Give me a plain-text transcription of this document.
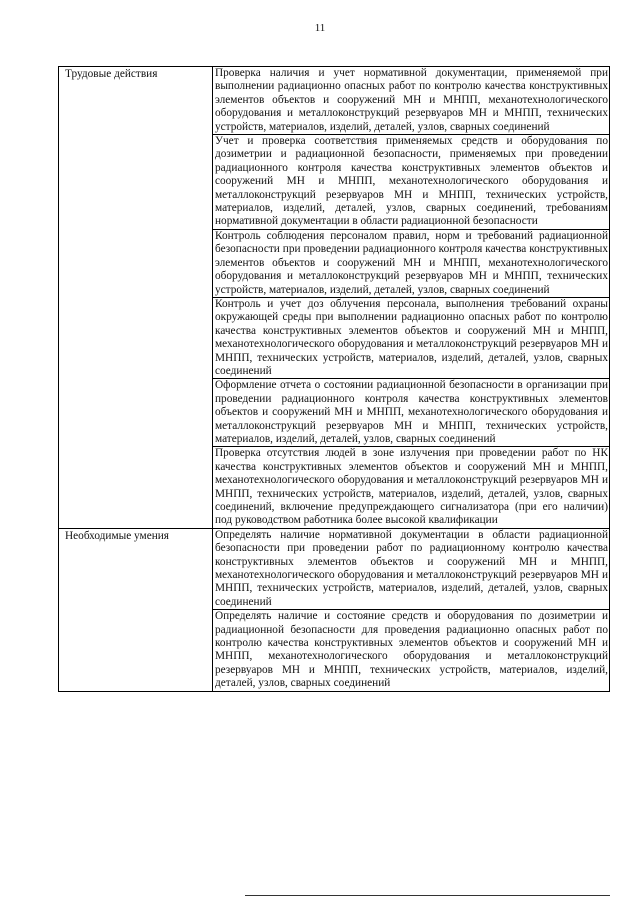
11
Трудовые действия	Проверка наличия и учет нормативной документации, применяемой при выполнении радиационно опасных работ по контролю качества конструктивных элементов объектов и сооружений МН и МНПП, механотехнологического оборудования и металлоконструкций резервуаров МН и МНПП, технических устройств, материалов, изделий, деталей, узлов, сварных соединений
	Учет и проверка соответствия применяемых средств и оборудования по дозиметрии и радиационной безопасности, применяемых при проведении радиационного контроля качества конструктивных элементов объектов и сооружений МН и МНПП, механотехнологического оборудования и металлоконструкций резервуаров МН и МНПП, технических устройств, материалов, изделий, деталей, узлов, сварных соединений, требованиям нормативной документации в области радиационной безопасности
	Контроль соблюдения персоналом правил, норм и требований радиационной безопасности при проведении радиационного контроля качества конструктивных элементов объектов и сооружений МН и МНПП, механотехнологического оборудования и металлоконструкций резервуаров МН и МНПП, технических устройств, материалов, изделий, деталей, узлов, сварных соединений
	Контроль и учет доз облучения персонала, выполнения требований охраны окружающей среды при выполнении радиационно опасных работ по контролю качества конструктивных элементов объектов и сооружений МН и МНПП, механотехнологического оборудования и металлоконструкций резервуаров МН и МНПП, технических устройств, материалов, изделий, деталей, узлов, сварных соединений
	Оформление отчета о состоянии радиационной безопасности в организации при проведении радиационного контроля качества конструктивных элементов объектов и сооружений МН и МНПП, механотехнологического оборудования и металлоконструкций резервуаров МН и МНПП, технических устройств, материалов, изделий, деталей, узлов, сварных соединений
	Проверка отсутствия людей в зоне излучения при проведении работ по НК качества конструктивных элементов объектов и сооружений МН и МНПП, механотехнологического оборудования и металлоконструкций резервуаров МН и МНПП, технических устройств, материалов, изделий, деталей, узлов, сварных соединений, включение предупреждающего сигнализатора (при его наличии) под руководством работника более высокой квалификации
Необходимые умения	Определять наличие нормативной документации в области радиационной безопасности при проведении работ по радиационному контролю качества конструктивных элементов объектов и сооружений МН и МНПП, механотехнологического оборудования и металлоконструкций резервуаров МН и МНПП, технических устройств, материалов, изделий, деталей, узлов, сварных соединений
	Определять наличие и состояние средств и оборудования по дозиметрии и радиационной безопасности для проведения радиационно опасных работ по контролю качества конструктивных элементов объектов и сооружений МН и МНПП, механотехнологического оборудования и металлоконструкций резервуаров МН и МНПП, технических устройств, материалов, изделий, деталей, узлов, сварных соединений
